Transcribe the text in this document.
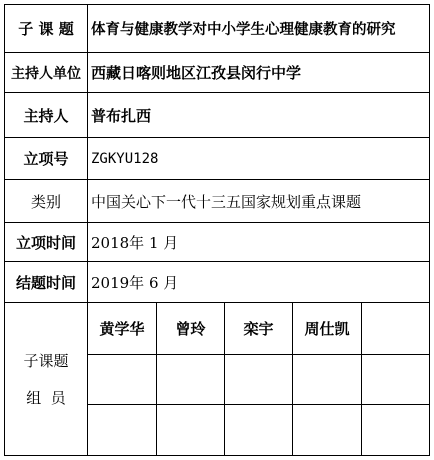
子 课 题	体育与健康教学对中小学生心理健康教育的研究
主持人单位 西藏日喀则地区江孜县闵行中学
主持人	普布扎西
立项号	ZGKYU128
类别	中国关心下一代十三五国家规划重点课题
立项时间	2018年 1 月
结题时间	2019年 6 月
子课题
组  员
黄学华	曾玲	栾宇	周仕凯
